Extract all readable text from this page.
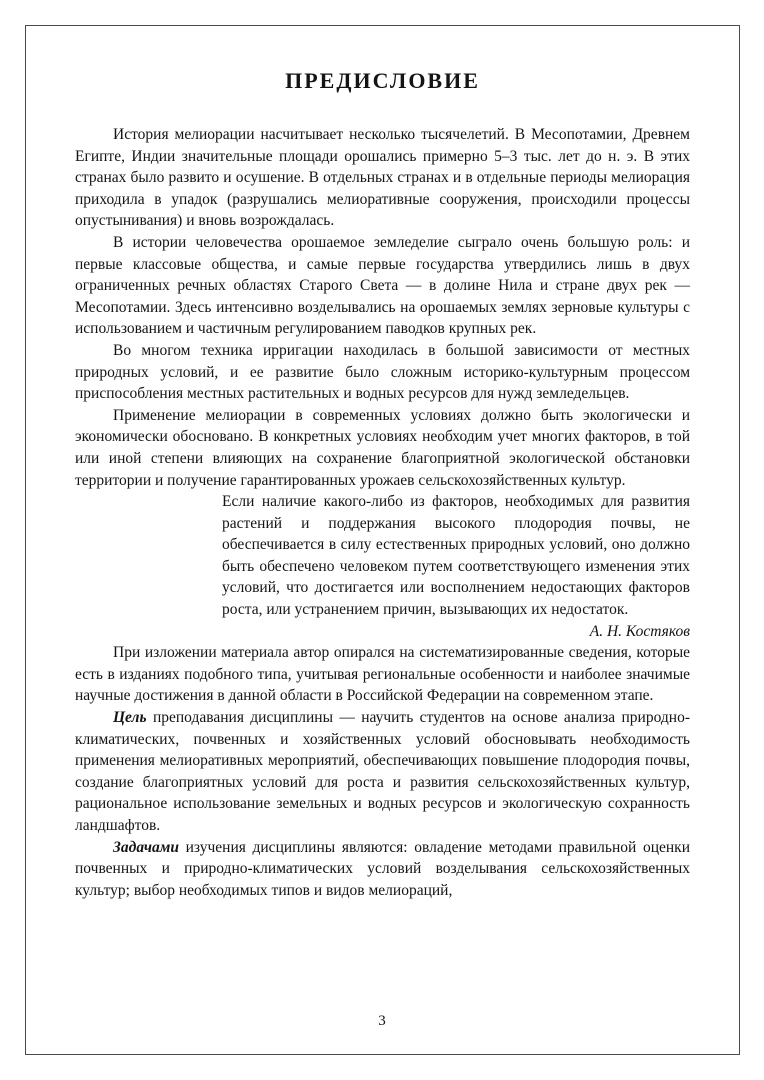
ПРЕДИСЛОВИЕ

История мелиорации насчитывает несколько тысячелетий. В Месопотамии, Древнем Египте, Индии значительные площади орошались примерно 5–3 тыс. лет до н. э. В этих странах было развито и осушение. В отдельных странах и в отдельные периоды мелиорация приходила в упадок (разрушались мелиоративные сооружения, происходили процессы опустынивания) и вновь возрождалась.

В истории человечества орошаемое земледелие сыграло очень большую роль: и первые классовые общества, и самые первые государства утвердились лишь в двух ограниченных речных областях Старого Света — в долине Нила и стране двух рек — Месопотамии. Здесь интенсивно возделывались на орошаемых землях зерновые культуры с использованием и частичным регулированием паводков крупных рек.

Во многом техника ирригации находилась в большой зависимости от местных природных условий, и ее развитие было сложным историко-культурным процессом приспособления местных растительных и водных ресурсов для нужд земледельцев.

Применение мелиорации в современных условиях должно быть экологически и экономически обосновано. В конкретных условиях необходим учет многих факторов, в той или иной степени влияющих на сохранение благоприятной экологической обстановки территории и получение гарантированных урожаев сельскохозяйственных культур.

Если наличие какого-либо из факторов, необходимых для развития растений и поддержания высокого плодородия почвы, не обеспечивается в силу естественных природных условий, оно должно быть обеспечено человеком путем соответствующего изменения этих условий, что достигается или восполнением недостающих факторов роста, или устранением причин, вызывающих их недостаток.

А. Н. Костяков

При изложении материала автор опирался на систематизированные сведения, которые есть в изданиях подобного типа, учитывая региональные особенности и наиболее значимые научные достижения в данной области в Российской Федерации на современном этапе.

Цель преподавания дисциплины — научить студентов на основе анализа природно-климатических, почвенных и хозяйственных условий обосновывать необходимость применения мелиоративных мероприятий, обеспечивающих повышение плодородия почвы, создание благоприятных условий для роста и развития сельскохозяйственных культур, рациональное использование земельных и водных ресурсов и экологическую сохранность ландшафтов.

Задачами изучения дисциплины являются: овладение методами правильной оценки почвенных и природно-климатических условий возделывания сельскохозяйственных культур; выбор необходимых типов и видов мелиораций,

3
